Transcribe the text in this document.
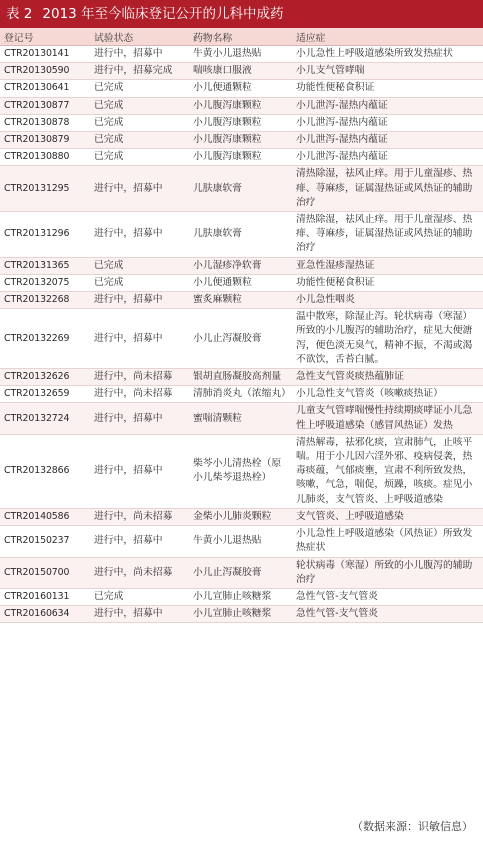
表 2 2013 年至今临床登记公开的儿科中成药
登记号	试验状态	药物名称	适应症
CTR20130141	进行中，招募中	牛黄小儿退热贴	小儿急性上呼吸道感染所致发热症状
CTR20130590	进行中，招募完成	喘咳康口服液	小儿支气管哮喘
CTR20130641	已完成	小儿便通颗粒	功能性便秘食积证
CTR20130877	已完成	小儿腹泻康颗粒	小儿泄泻-湿热内蕴证
CTR20130878	已完成	小儿腹泻康颗粒	小儿泄泻-湿热内蕴证
CTR20130879	已完成	小儿腹泻康颗粒	小儿泄泻-湿热内蕴证
CTR20130880	已完成	小儿腹泻康颗粒	小儿泄泻-湿热内蕴证
CTR20131295	进行中，招募中	儿肤康软膏	清热除湿，祛风止痒。用于儿童湿疹、热痱、荨麻疹，证属湿热证或风热证的辅助治疗
CTR20131296	进行中，招募中	儿肤康软膏	清热除湿，祛风止痒。用于儿童湿疹、热痱、荨麻疹，证属湿热证或风热证的辅助治疗
CTR20131365	已完成	小儿湿疹净软膏	亚急性湿疹湿热证
CTR20132075	已完成	小儿便通颗粒	功能性便秘食积证
CTR20132268	进行中，招募中	蜜炙麻颗粒	小儿急性咽炎
CTR20132269	进行中，招募中	小儿止泻凝胶膏	温中散寒，除湿止泻。轮状病毒（寒湿）所致的小儿腹泻的辅助治疗，症见大便溏泻，便色淡无臭气，精神不振，不渴或渴不欲饮，舌苔白腻。
CTR20132626	进行中，尚未招募	银胡直肠凝胶高剂量	急性支气管炎痰热蕴肺证
CTR20132659	进行中，尚未招募	清肺消炎丸（浓缩丸）	小儿急性支气管炎（咳嗽痰热证）
CTR20132724	进行中，招募中	蜜喘清颗粒	儿童支气管哮喘慢性持续期痰哮证小儿急性上呼吸道感染（感冒风热证）发热
CTR20132866	进行中，招募中	柴芩小儿清热栓（原小儿柴芩退热栓）	清热解毒，祛邪化痰，宣肃肺气，止咳平喘。用于小儿因六淫外邪、疫病侵袭，热毒痰蕴，气郁痰壅，宣肃不利所致发热，咳嗽，气急，喘促，烦躁，咳痰。症见小儿肺炎，支气管炎、上呼吸道感染
CTR20140586	进行中，尚未招募	金柴小儿肺炎颗粒	支气管炎、上呼吸道感染
CTR20150237	进行中，招募中	牛黄小儿退热贴	小儿急性上呼吸道感染（风热证）所致发热症状
CTR20150700	进行中，尚未招募	小儿止泻凝胶膏	轮状病毒（寒湿）所致的小儿腹泻的辅助治疗
CTR20160131	已完成	小儿宣肺止咳糖浆	急性气管-支气管炎
CTR20160634	进行中，招募中	小儿宣肺止咳糖浆	急性气管-支气管炎
（数据来源：识敏信息）
